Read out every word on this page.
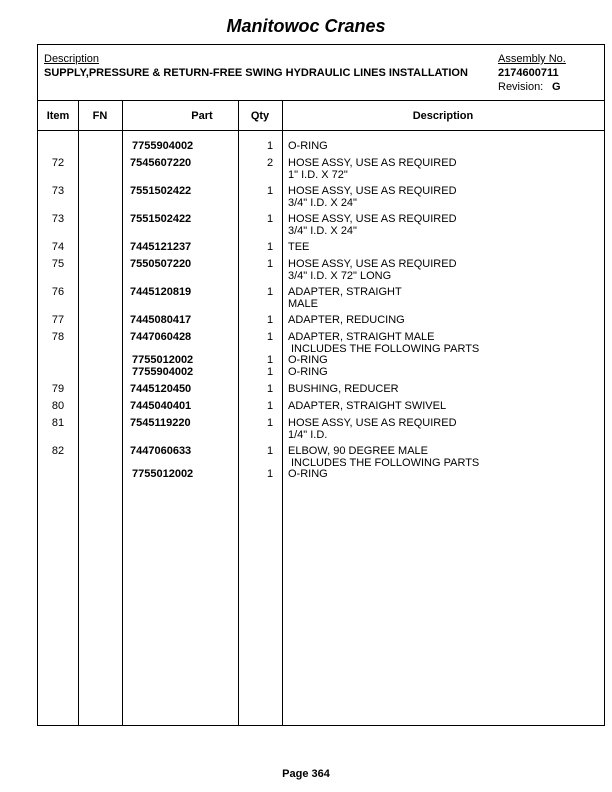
Manitowoc Cranes
Description
SUPPLY,PRESSURE & RETURN-FREE SWING HYDRAULIC LINES INSTALLATION
Assembly No.
2174600711
Revision: G
Item	FN	Part	Qty	Description
7755904002	1 O-RING
72	7545607220	2 HOSE ASSY, USE AS REQUIRED
1" I.D. X 72"
73	7551502422	1 HOSE ASSY, USE AS REQUIRED
3/4" I.D. X 24"
73	7551502422	1 HOSE ASSY, USE AS REQUIRED
3/4" I.D. X 24"
74	7445121237	1 TEE
75	7550507220	1 HOSE ASSY, USE AS REQUIRED
3/4" I.D. X 72" LONG
76	7445120819	1 ADAPTER, STRAIGHT
MALE
77	7445080417	1 ADAPTER, REDUCING
78	7447060428	1 ADAPTER, STRAIGHT MALE
INCLUDES THE FOLLOWING PARTS
7755012002	1 O-RING
7755904002	1 O-RING
79	7445120450	1 BUSHING, REDUCER
80	7445040401	1 ADAPTER, STRAIGHT SWIVEL
81	7545119220	1 HOSE ASSY, USE AS REQUIRED
1/4" I.D.
82	7447060633	1 ELBOW, 90 DEGREE MALE
INCLUDES THE FOLLOWING PARTS
7755012002	1 O-RING
Page 364
